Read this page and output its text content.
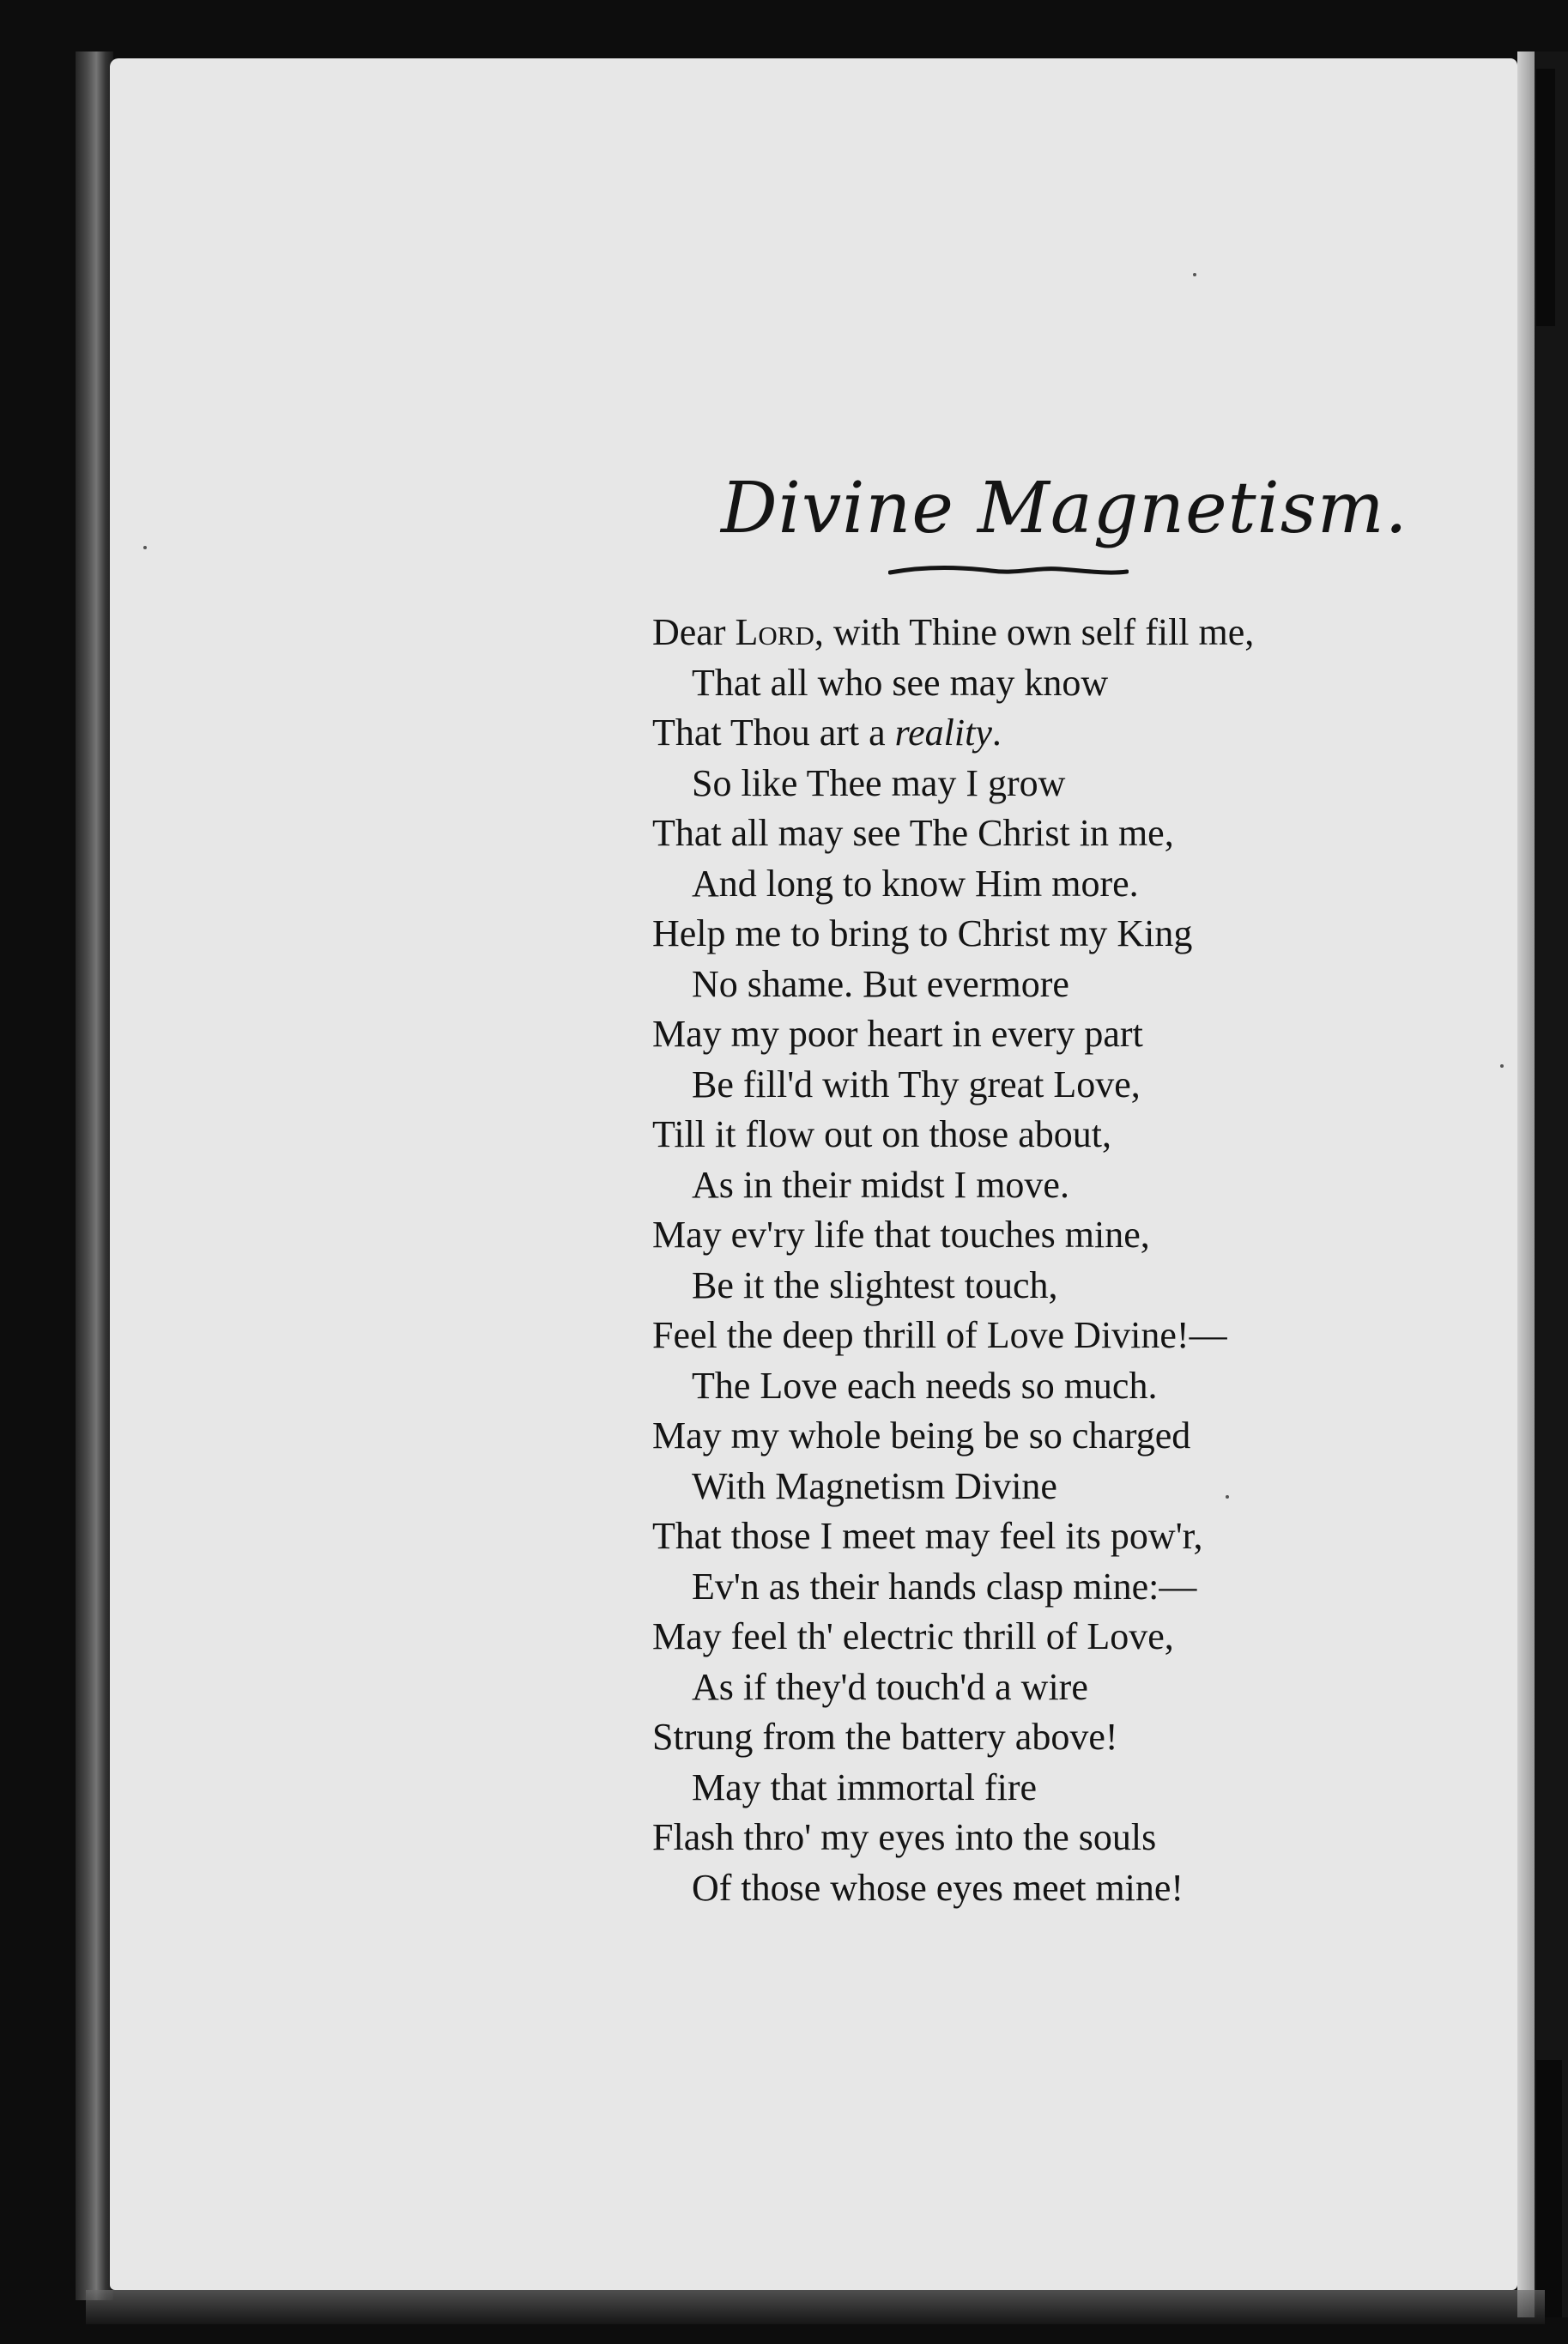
Divine Magnetism.
Dear Lord, with Thine own self fill me,
That all who see may know
That Thou art a reality.
So like Thee may I grow
That all may see The Christ in me,
And long to know Him more.
Help me to bring to Christ my King
No shame. But evermore
May my poor heart in every part
Be fill'd with Thy great Love,
Till it flow out on those about,
As in their midst I move.
May ev'ry life that touches mine,
Be it the slightest touch,
Feel the deep thrill of Love Divine!—
The Love each needs so much.
May my whole being be so charged
With Magnetism Divine
That those I meet may feel its pow'r,
Ev'n as their hands clasp mine:—
May feel th' electric thrill of Love,
As if they'd touch'd a wire
Strung from the battery above!
May that immortal fire
Flash thro' my eyes into the souls
Of those whose eyes meet mine!
